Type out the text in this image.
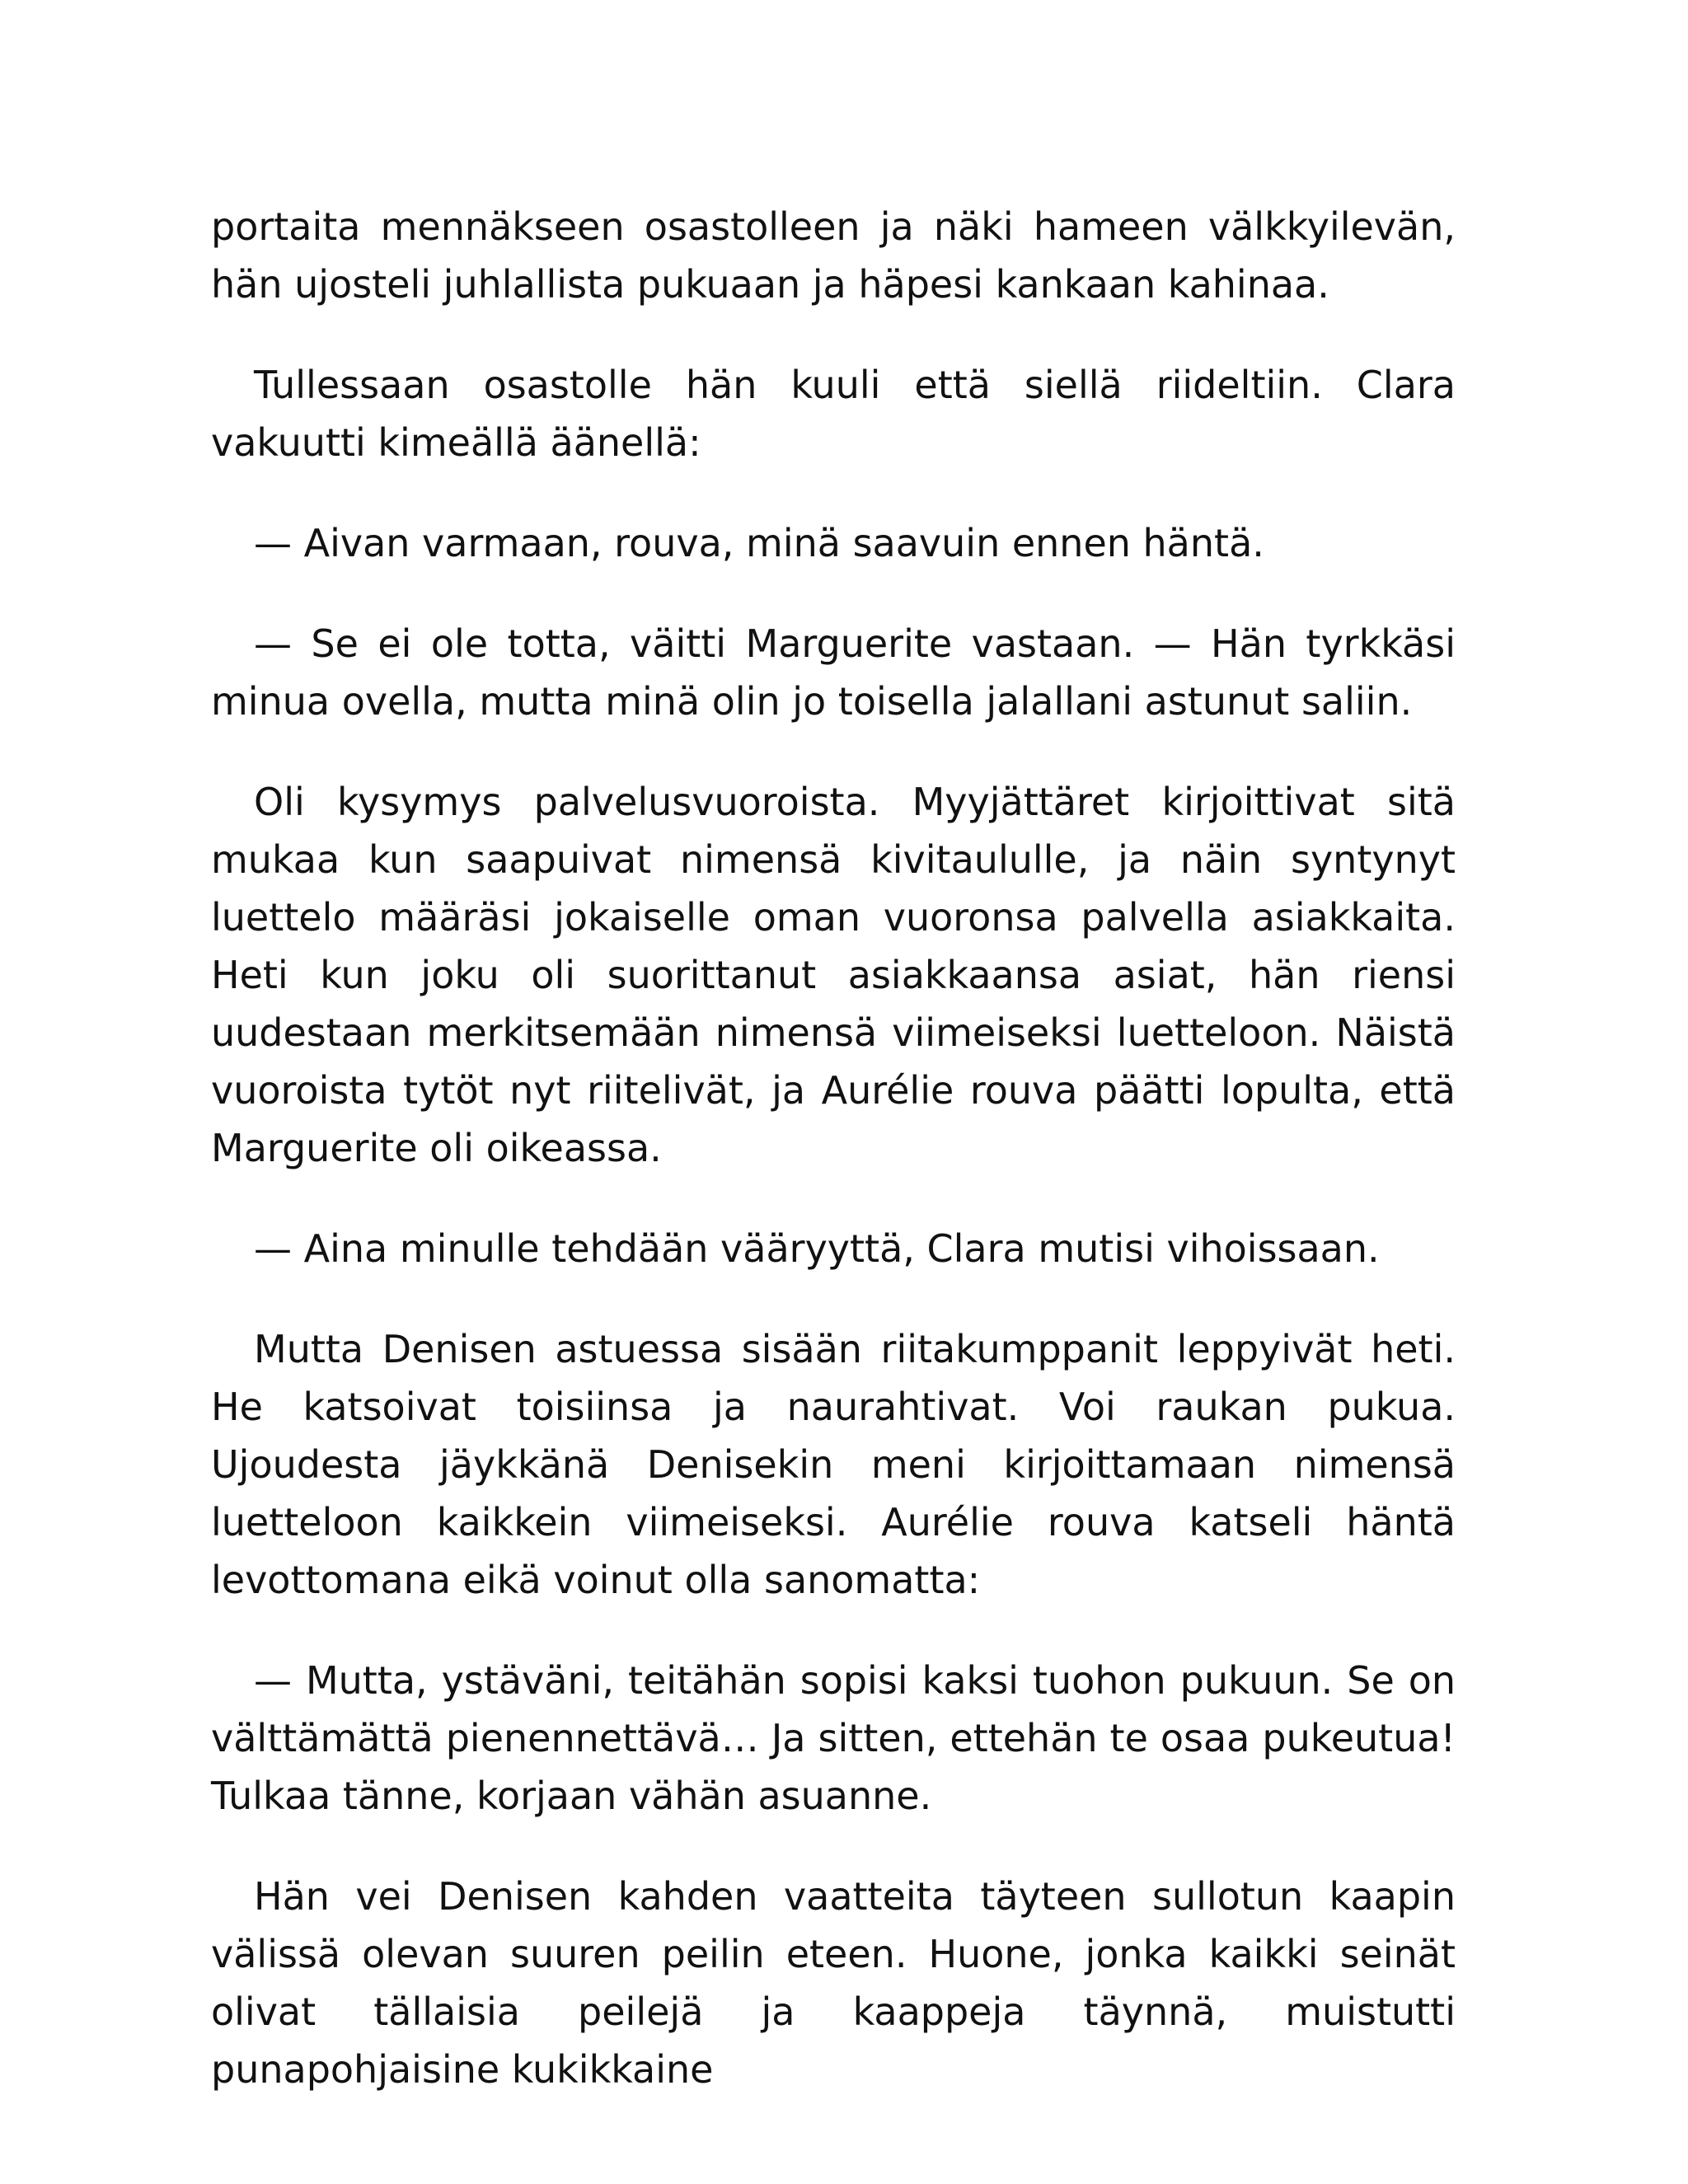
portaita mennäkseen osastolleen ja näki hameen välkkyilevän, hän ujosteli juhlallista pukuaan ja häpesi kankaan kahinaa.

Tullessaan osastolle hän kuuli että siellä riideltiin. Clara vakuutti kimeällä äänellä:

— Aivan varmaan, rouva, minä saavuin ennen häntä.

— Se ei ole totta, väitti Marguerite vastaan. — Hän tyrkkäsi minua ovella, mutta minä olin jo toisella jalallani astunut saliin.

Oli kysymys palvelusvuoroista. Myyjättäret kirjoittivat sitä mukaa kun saapuivat nimensä kivitaululle, ja näin syntynyt luettelo määräsi jokaiselle oman vuoronsa palvella asiakkaita. Heti kun joku oli suorittanut asiakkaansa asiat, hän riensi uudestaan merkitsemään nimensä viimeiseksi luetteloon. Näistä vuoroista tytöt nyt riitelivät, ja Aurélie rouva päätti lopulta, että Marguerite oli oikeassa.

— Aina minulle tehdään vääryyttä, Clara mutisi vihoissaan.

Mutta Denisen astuessa sisään riitakumppanit leppyivät heti. He katsoivat toisiinsa ja naurahtivat. Voi raukan pukua. Ujoudesta jäykkänä Denisekin meni kirjoittamaan nimensä luetteloon kaikkein viimeiseksi. Aurélie rouva katseli häntä levottomana eikä voinut olla sanomatta:

— Mutta, ystäväni, teitähän sopisi kaksi tuohon pukuun. Se on välttämättä pienennettävä… Ja sitten, ettehän te osaa pukeutua! Tulkaa tänne, korjaan vähän asuanne.

Hän vei Denisen kahden vaatteita täyteen sullotun kaapin välissä olevan suuren peilin eteen. Huone, jonka kaikki seinät olivat tällaisia peilejä ja kaappeja täynnä, muistutti punapohjaisine kukikkaine
